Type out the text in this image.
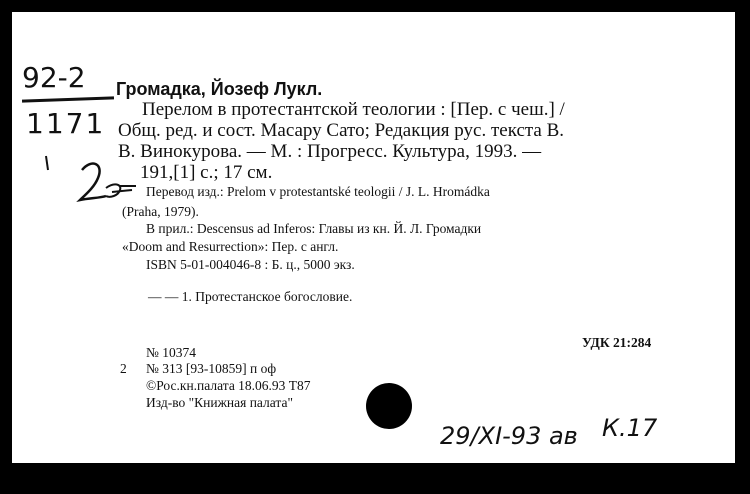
92-2
1171
Громадка, Йозеф Лукл.
Перелом в протестантской теологии : [Пер. с чеш.] /
Общ. ред. и сост. Масару Сато; Редакция рус. текста В.
В. Винокурова. — М. : Прогресс. Культура, 1993. —
191,[1] с.; 17 см.
Перевод изд.: Prelom v protestantské teologii / J. L. Hromádka
(Praha, 1979).
В прил.: Descensus ad Inferos: Главы из кн. Й. Л. Громадки
«Doom and Resurrection»: Пер. с англ.
ISBN 5-01-004046-8 : Б. ц., 5000 экз.
— — 1. Протестанское богословие.
УДК 21:284
№ 10374
2 № 313 [93-10859] п оф
©Рос.кн.палата 18.06.93 Т87
Изд-во "Книжная палата"
29/XI-93 ав К.17
